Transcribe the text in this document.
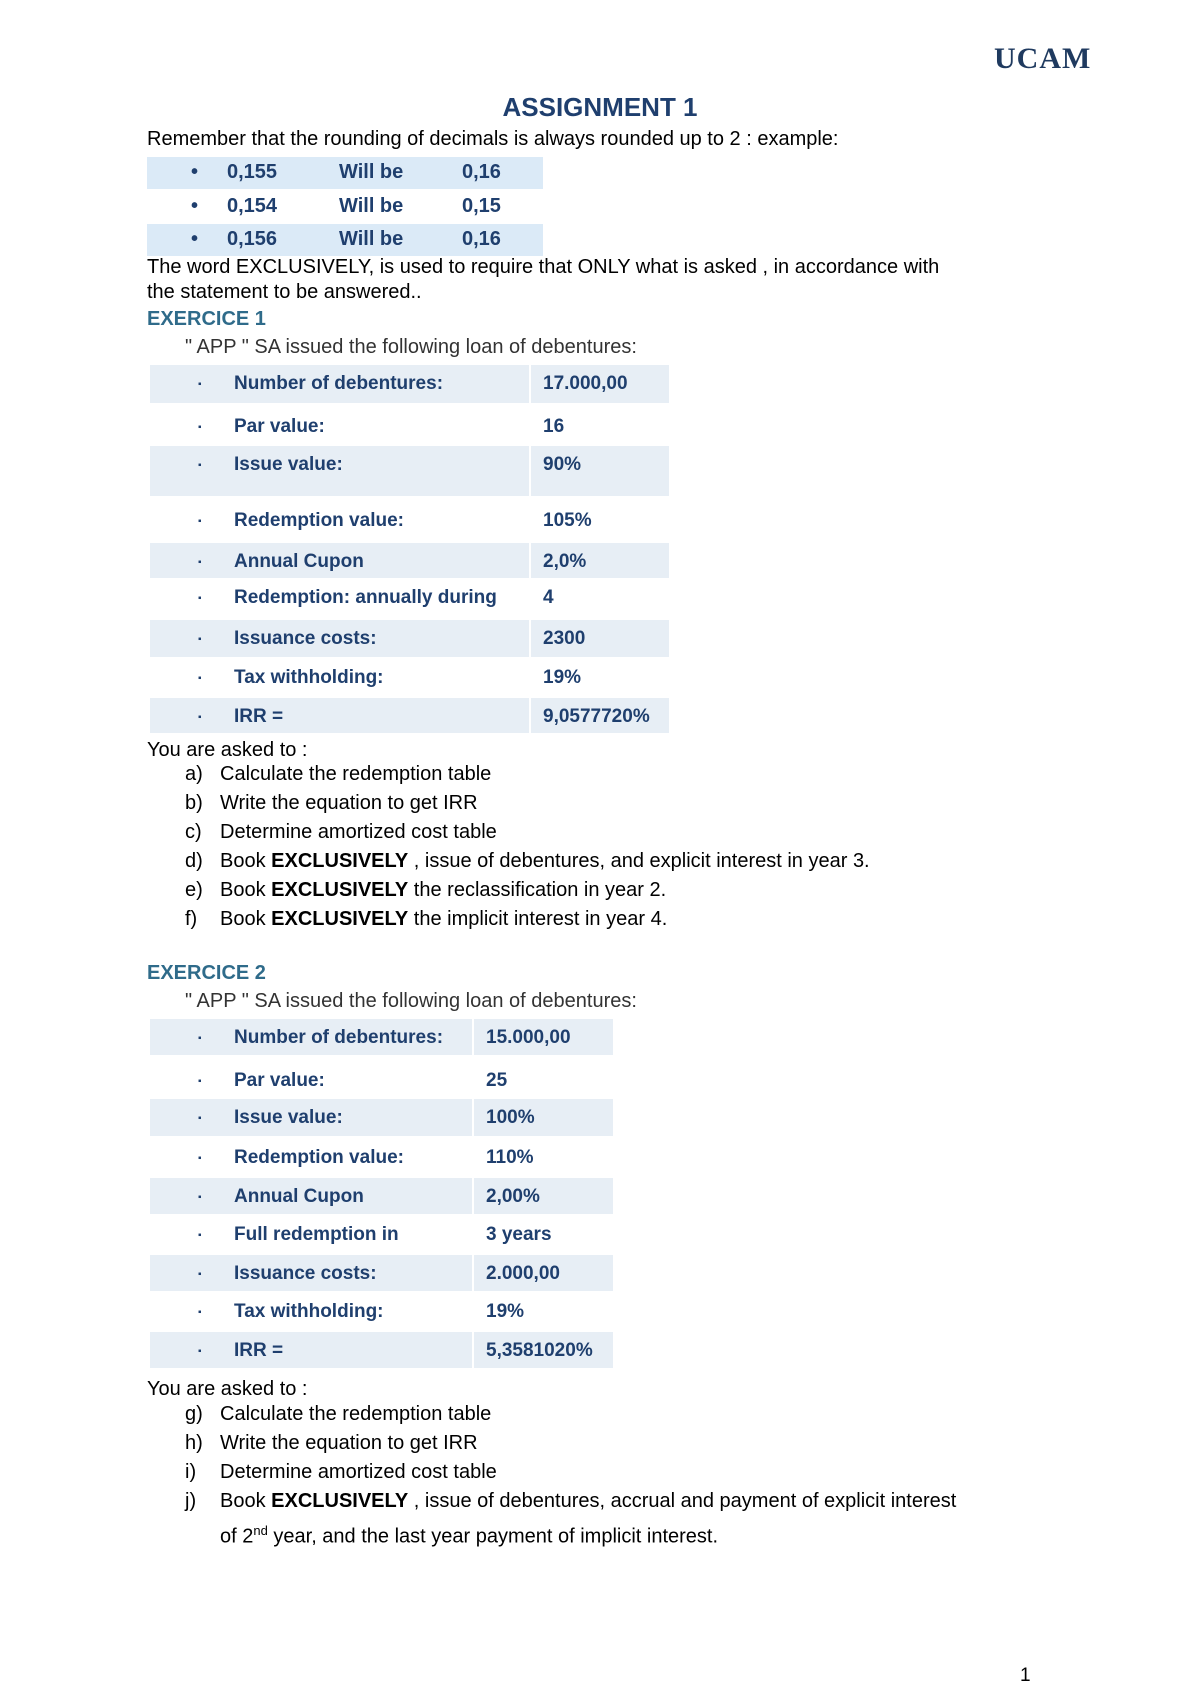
UCAM
ASSIGNMENT 1
Remember that the rounding of decimals is always rounded up to 2 : example:
• 0,155	Will be	0,16
• 0,154	Will be	0,15
• 0,156	Will be	0,16
The word EXCLUSIVELY, is used to require that ONLY what is asked , in accordance with
the statement to be answered..
EXERCICE 1
" APP " SA issued the following loan of debentures:
▪ Number of debentures:	17.000,00
▪ Par value:	16
▪ Issue value:	90%
▪ Redemption value:	105%
▪ Annual Cupon	2,0%
▪ Redemption: annually during 4
▪ Issuance costs:	2300
▪ Tax withholding:	19%
▪ IRR =	9,0577720%
You are asked to :
a) Calculate the redemption table
b) Write the equation to get IRR
c) Determine amortized cost table
d) Book EXCLUSIVELY , issue of debentures, and explicit interest in year 3.
e) Book EXCLUSIVELY the reclassification in year 2.
f) Book EXCLUSIVELY the implicit interest in year 4.
EXERCICE 2
" APP " SA issued the following loan of debentures:
▪ Number of debentures: 15.000,00
▪ Par value:	25
▪ Issue value:	100%
▪ Redemption value:	110%
▪ Annual Cupon	2,00%
▪ Full redemption in	3 years
▪ Issuance costs:	2.000,00
▪ Tax withholding:	19%
▪ IRR =	5,3581020%
You are asked to :
g) Calculate the redemption table
h) Write the equation to get IRR
i) Determine amortized cost table
j) Book EXCLUSIVELY , issue of debentures, accrual and payment of explicit interest
of 2nd year, and the last year payment of implicit interest.
1
